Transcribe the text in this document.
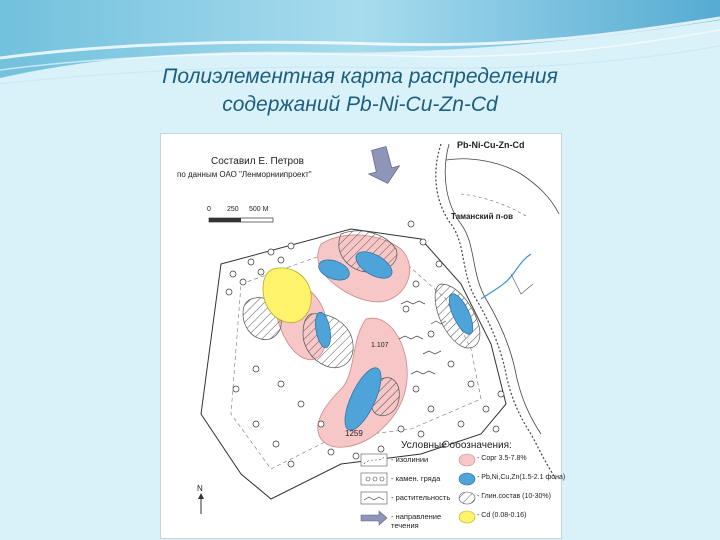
Полиэлементная карта распределения
содержаний Pb-Ni-Cu-Zn-Cd
Pb-Ni-Cu-Zn-Cd
Составил Е. Петров
по данным ОАО "Ленморниипроект"
0 250 500 М
Таманский п-ов
1.107
1259
N
Условные обозначения:
- изолинии
- камен. гряда
- растительность
- направление течения
- Сорг 3.5-7.8%
- Pb,Ni,Cu,Zn(1.5-2.1 фона)
- Глин.состав (10-30%)
- Cd (0.08-0.16)
